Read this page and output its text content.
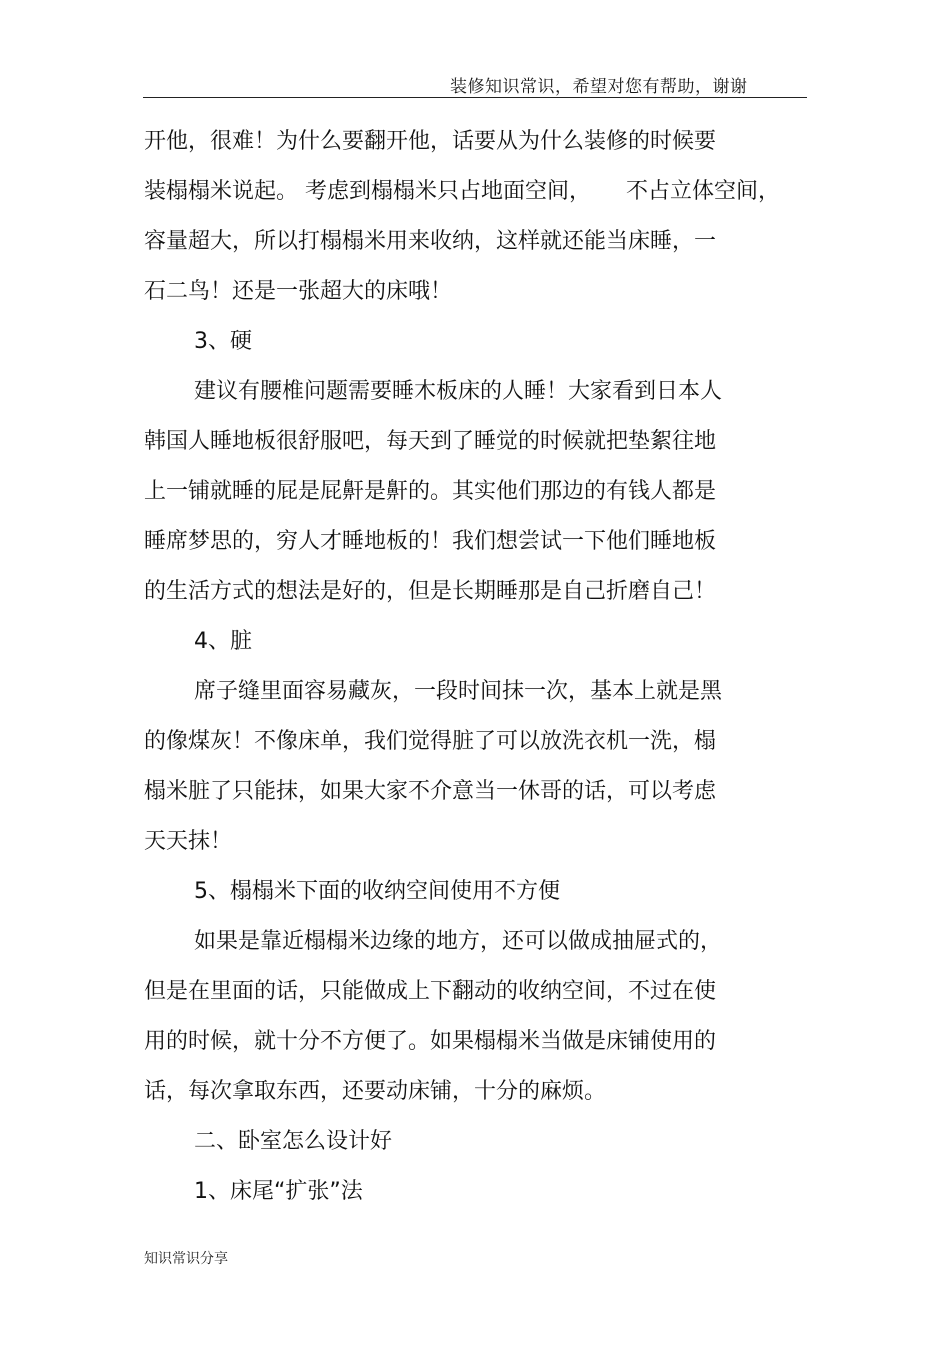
装修知识常识，希望对您有帮助，谢谢
开他，很难！为什么要翻开他，话要从为什么装修的时候要
装榻榻米说起。 考虑到榻榻米只占地面空间，     不占立体空间，
容量超大，所以打榻榻米用来收纳，这样就还能当床睡，一
石二鸟！还是一张超大的床哦！
3、硬
建议有腰椎问题需要睡木板床的人睡！大家看到日本人
韩国人睡地板很舒服吧，每天到了睡觉的时候就把垫絮往地
上一铺就睡的屁是屁鼾是鼾的。其实他们那边的有钱人都是
睡席梦思的，穷人才睡地板的！我们想尝试一下他们睡地板
的生活方式的想法是好的，但是长期睡那是自己折磨自己！
4、脏
席子缝里面容易藏灰，一段时间抹一次，基本上就是黑
的像煤灰！不像床单，我们觉得脏了可以放洗衣机一洗，榻
榻米脏了只能抹，如果大家不介意当一休哥的话，可以考虑
天天抹！
5、榻榻米下面的收纳空间使用不方便
如果是靠近榻榻米边缘的地方，还可以做成抽屉式的，
但是在里面的话，只能做成上下翻动的收纳空间，不过在使
用的时候，就十分不方便了。如果榻榻米当做是床铺使用的
话，每次拿取东西，还要动床铺，十分的麻烦。
二、卧室怎么设计好
1、床尾“扩张”法
知识常识分享
